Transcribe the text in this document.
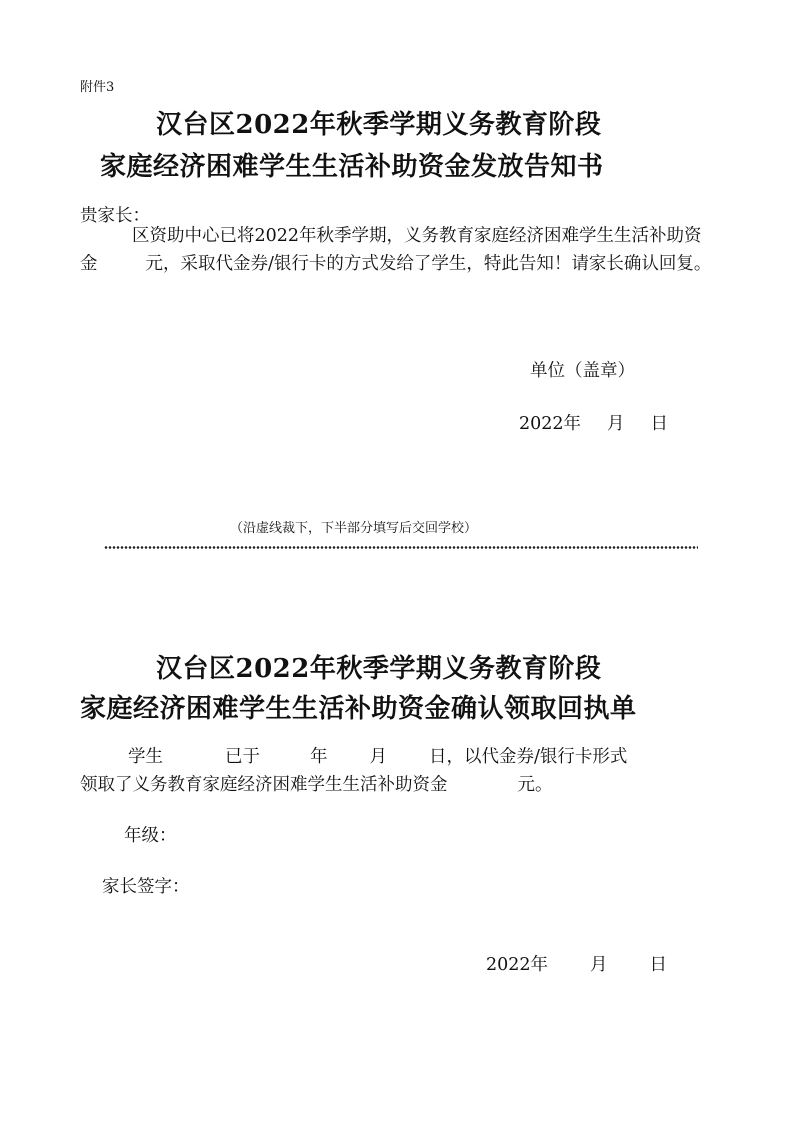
附件3
汉台区2022年秋季学期义务教育阶段
家庭经济困难学生生活补助资金发放告知书
贵家长：
区资助中心已将2022年秋季学期，义务教育家庭经济困难学生生活补助资金	元，采取代金券/银行卡的方式发给了学生，特此告知！请家长确认回复。
单位（盖章）
2022年 月 日
（沿虚线裁下，下半部分填写后交回学校）
汉台区2022年秋季学期义务教育阶段
家庭经济困难学生生活补助资金确认领取回执单
学生	已于	年 月 日，以代金券/银行卡形式
领取了义务教育家庭经济困难学生生活补助资金	元。
年级：
家长签字：
2022年 月 日
